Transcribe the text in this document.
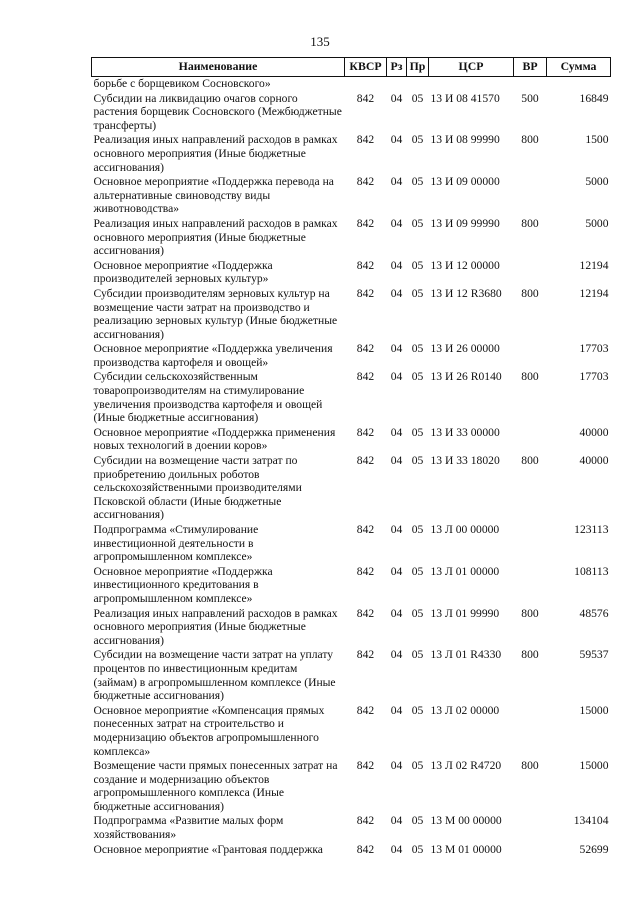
135
Наименование	КВСР	Рз	Пр	ЦСР	ВР	Сумма
борьбе с борщевиком Сосновского»						
Субсидии на ликвидацию очагов сорного растения борщевик Сосновского (Межбюджетные трансферты)	842	04	05	13 И 08 41570	500	16849
Реализация иных направлений расходов в рамках основного мероприятия (Иные бюджетные ассигнования)	842	04	05	13 И 08 99990	800	1500
Основное мероприятие «Поддержка перевода на альтернативные свиноводству виды животноводства»	842	04	05	13 И 09 00000		5000
Реализация иных направлений расходов в рамках основного мероприятия (Иные бюджетные ассигнования)	842	04	05	13 И 09 99990	800	5000
Основное мероприятие «Поддержка производителей зерновых культур»	842	04	05	13 И 12 00000		12194
Субсидии производителям зерновых культур на возмещение части затрат на производство и реализацию зерновых культур (Иные бюджетные ассигнования)	842	04	05	13 И 12 R3680	800	12194
Основное мероприятие «Поддержка увеличения производства картофеля и овощей»	842	04	05	13 И 26 00000		17703
Субсидии сельскохозяйственным товаропроизводителям на стимулирование увеличения производства картофеля и овощей (Иные бюджетные ассигнования)	842	04	05	13 И 26 R0140	800	17703
Основное мероприятие «Поддержка применения новых технологий в доении коров»	842	04	05	13 И 33 00000		40000
Субсидии на возмещение части затрат по приобретению доильных роботов сельскохозяйственными производителями Псковской области (Иные бюджетные ассигнования)	842	04	05	13 И 33 18020	800	40000
Подпрограмма «Стимулирование инвестиционной деятельности в агропромышленном комплексе»	842	04	05	13 Л 00 00000		123113
Основное мероприятие «Поддержка инвестиционного кредитования в агропромышленном комплексе»	842	04	05	13 Л 01 00000		108113
Реализация иных направлений расходов в рамках основного мероприятия (Иные бюджетные ассигнования)	842	04	05	13 Л 01 99990	800	48576
Субсидии на возмещение части затрат на уплату процентов по инвестиционным кредитам (займам) в агропромышленном комплексе (Иные бюджетные ассигнования)	842	04	05	13 Л 01 R4330	800	59537
Основное мероприятие «Компенсация прямых понесенных затрат на строительство и модернизацию объектов агропромышленного комплекса»	842	04	05	13 Л 02 00000		15000
Возмещение части прямых понесенных затрат на создание и модернизацию объектов агропромышленного комплекса (Иные бюджетные ассигнования)	842	04	05	13 Л 02 R4720	800	15000
Подпрограмма «Развитие малых форм хозяйствования»	842	04	05	13 М 00 00000		134104
Основное мероприятие «Грантовая поддержка	842	04	05	13 М 01 00000		52699
